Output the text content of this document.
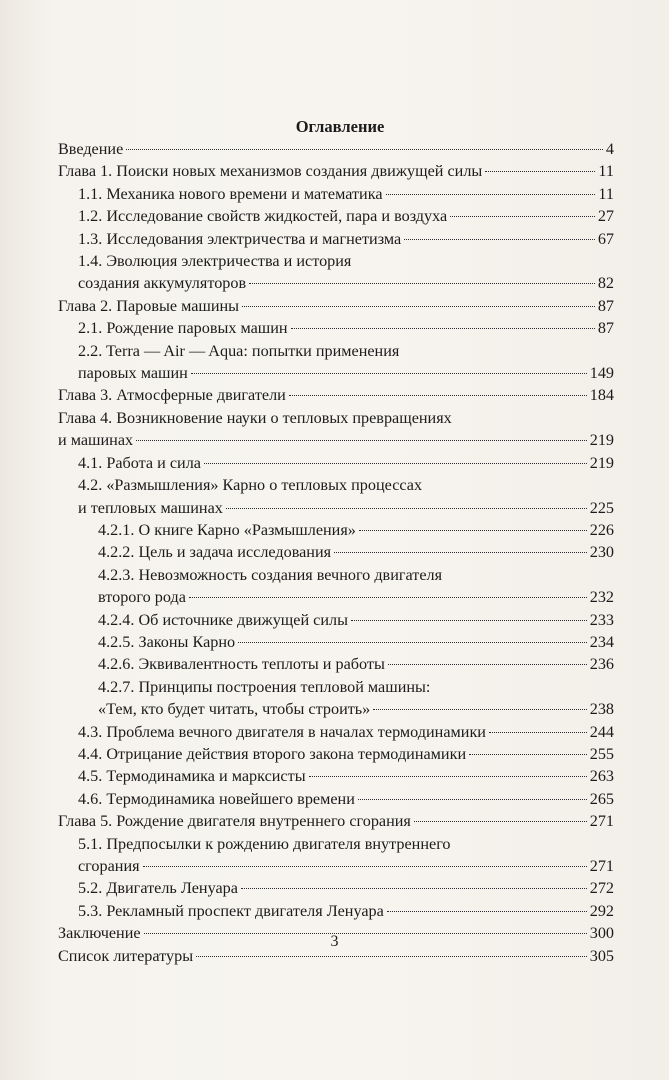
Оглавление
Введение	4
Глава 1. Поиски новых механизмов создания движущей силы	11
1.1. Механика нового времени и математика	11
1.2. Исследование свойств жидкостей, пара и воздуха	27
1.3. Исследования электричества и магнетизма	67
1.4. Эволюция электричества и история
создания аккумуляторов	82
Глава 2. Паровые машины	87
2.1. Рождение паровых машин	87
2.2. Terra — Air — Aqua: попытки применения
паровых машин	149
Глава 3. Атмосферные двигатели	184
Глава 4. Возникновение науки о тепловых превращениях
и машинах	219
4.1. Работа и сила	219
4.2. «Размышления» Карно о тепловых процессах
и тепловых машинах	225
4.2.1. О книге Карно «Размышления»	226
4.2.2. Цель и задача исследования	230
4.2.3. Невозможность создания вечного двигателя
второго рода	232
4.2.4. Об источнике движущей силы	233
4.2.5. Законы Карно	234
4.2.6. Эквивалентность теплоты и работы	236
4.2.7. Принципы построения тепловой машины:
«Тем, кто будет читать, чтобы строить»	238
4.3. Проблема вечного двигателя в началах термодинамики	244
4.4. Отрицание действия второго закона термодинамики	255
4.5. Термодинамика и марксисты	263
4.6. Термодинамика новейшего времени	265
Глава 5. Рождение двигателя внутреннего сгорания	271
5.1. Предпосылки к рождению двигателя внутреннего
сгорания	271
5.2. Двигатель Ленуара	272
5.3. Рекламный проспект двигателя Ленуара	292
Заключение	300
Список литературы	305
3
